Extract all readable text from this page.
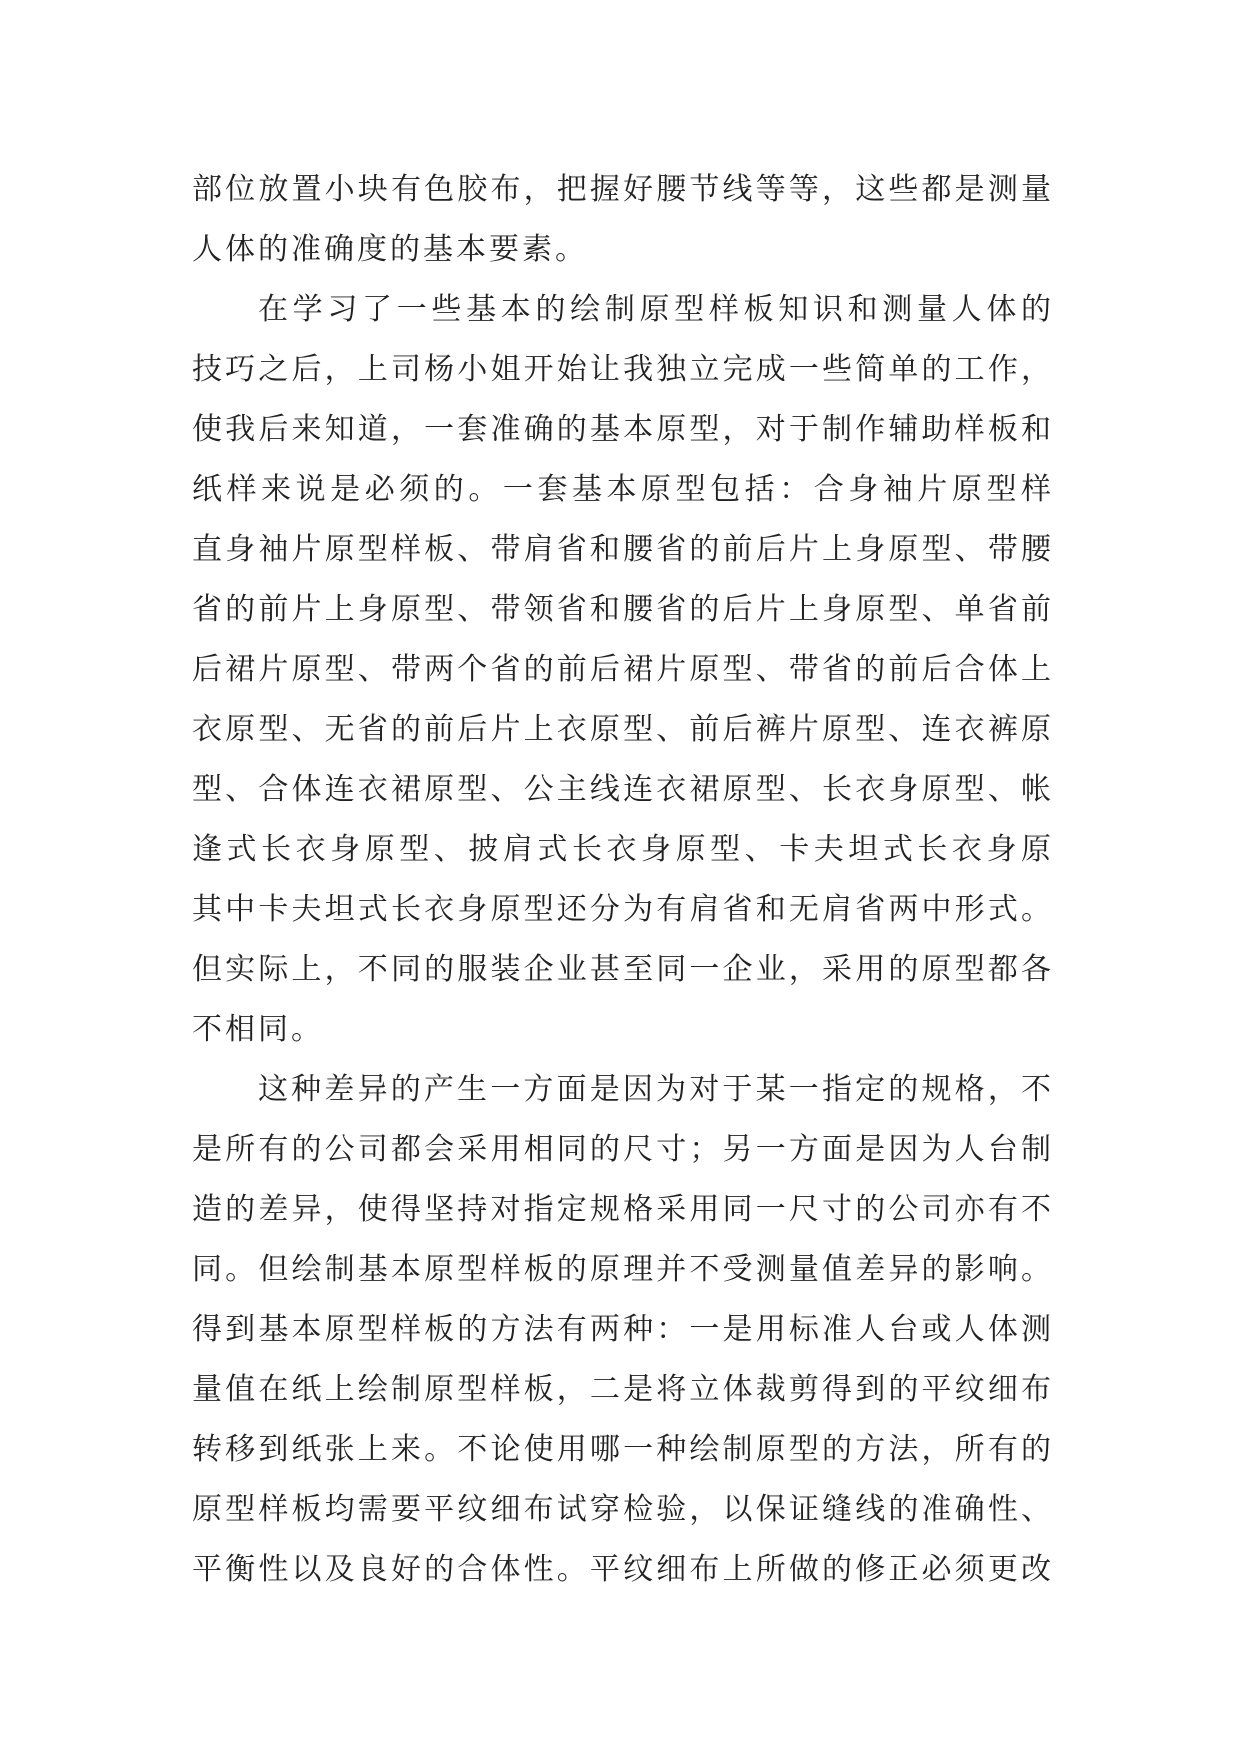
部位放置小块有色胶布，把握好腰节线等等，这些都是测量
人体的准确度的基本要素。
在学习了一些基本的绘制原型样板知识和测量人体的
技巧之后，上司杨小姐开始让我独立完成一些简单的工作，
使我后来知道，一套准确的基本原型，对于制作辅助样板和
纸样来说是必须的。一套基本原型包括：合身袖片原型样
直身袖片原型样板、带肩省和腰省的前后片上身原型、带腰
省的前片上身原型、带领省和腰省的后片上身原型、单省前
后裙片原型、带两个省的前后裙片原型、带省的前后合体上
衣原型、无省的前后片上衣原型、前后裤片原型、连衣裤原
型、合体连衣裙原型、公主线连衣裙原型、长衣身原型、帐
逢式长衣身原型、披肩式长衣身原型、卡夫坦式长衣身原
其中卡夫坦式长衣身原型还分为有肩省和无肩省两中形式。
但实际上，不同的服装企业甚至同一企业，采用的原型都各
不相同。
这种差异的产生一方面是因为对于某一指定的规格，不
是所有的公司都会采用相同的尺寸；另一方面是因为人台制
造的差异，使得坚持对指定规格采用同一尺寸的公司亦有不
同。但绘制基本原型样板的原理并不受测量值差异的影响。
得到基本原型样板的方法有两种：一是用标准人台或人体测
量值在纸上绘制原型样板，二是将立体裁剪得到的平纹细布
转移到纸张上来。不论使用哪一种绘制原型的方法，所有的
原型样板均需要平纹细布试穿检验，以保证缝线的准确性、
平衡性以及良好的合体性。平纹细布上所做的修正必须更改
